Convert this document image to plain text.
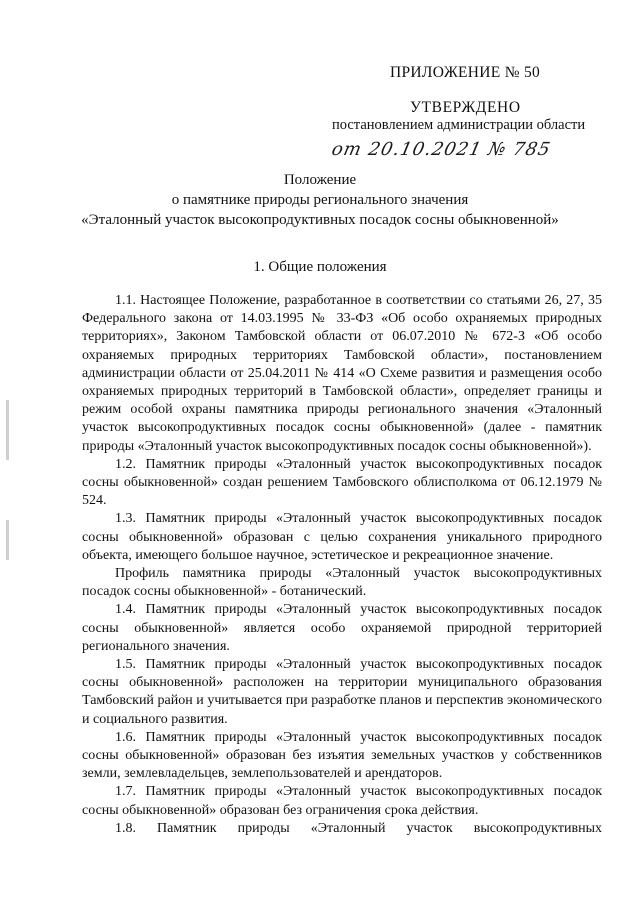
ПРИЛОЖЕНИЕ № 50
УТВЕРЖДЕНО
постановлением администрации области
от 20.10.2021 № 785
Положение
о памятнике природы регионального значения
«Эталонный участок высокопродуктивных посадок сосны обыкновенной»
1. Общие положения

1.1. Настоящее Положение, разработанное в соответствии со статьями 26, 27, 35 Федерального закона от 14.03.1995 № 33-ФЗ «Об особо охраняемых природных территориях», Законом Тамбовской области от 06.07.2010 № 672-З «Об особо охраняемых природных территориях Тамбовской области», постановлением администрации области от 25.04.2011 № 414 «О Схеме развития и размещения особо охраняемых природных территорий в Тамбовской области», определяет границы и режим особой охраны памятника природы регионального значения «Эталонный участок высокопродуктивных посадок сосны обыкновенной» (далее - памятник природы «Эталонный участок высокопродуктивных посадок сосны обыкновенной»).

1.2. Памятник природы «Эталонный участок высокопродуктивных посадок сосны обыкновенной» создан решением Тамбовского облисполкома от 06.12.1979 № 524.

1.3. Памятник природы «Эталонный участок высокопродуктивных посадок сосны обыкновенной» образован с целью сохранения уникального природного объекта, имеющего большое научное, эстетическое и рекреационное значение.

Профиль памятника природы «Эталонный участок высокопродуктивных посадок сосны обыкновенной» - ботанический.

1.4. Памятник природы «Эталонный участок высокопродуктивных посадок сосны обыкновенной» является особо охраняемой природной территорией регионального значения.

1.5. Памятник природы «Эталонный участок высокопродуктивных посадок сосны обыкновенной» расположен на территории муниципального образования Тамбовский район и учитывается при разработке планов и перспектив экономического и социального развития.

1.6. Памятник природы «Эталонный участок высокопродуктивных посадок сосны обыкновенной» образован без изъятия земельных участков у собственников земли, землевладельцев, землепользователей и арендаторов.

1.7. Памятник природы «Эталонный участок высокопродуктивных посадок сосны обыкновенной» образован без ограничения срока действия.

1.8. Памятник природы «Эталонный участок высокопродуктивных
